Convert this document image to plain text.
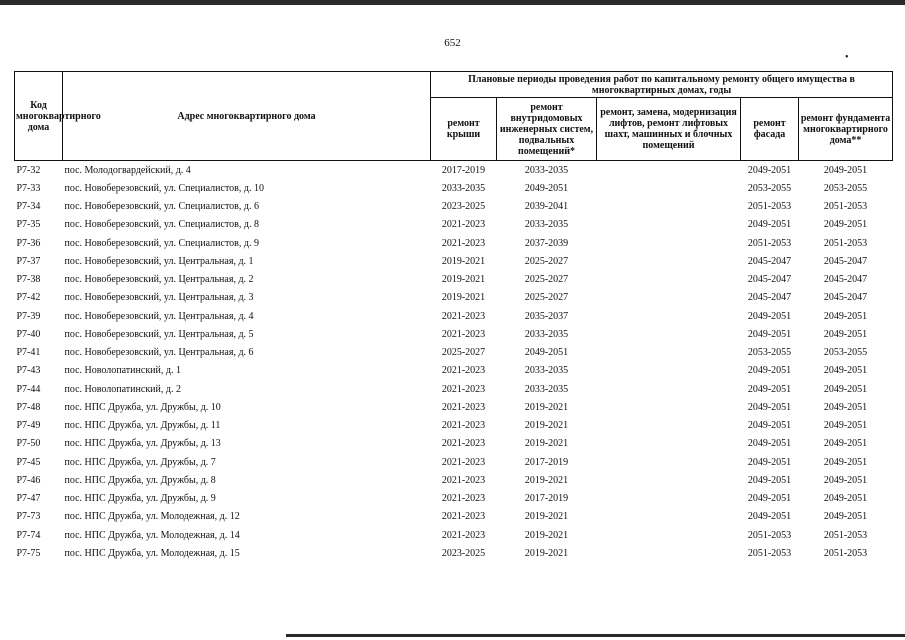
652
•
Код многоквартирного дома	Адрес многоквартирного дома	Плановые периоды проведения работ по капитальному ремонту общего имущества в многоквартирных домах, годы				
		ремонт крыши	ремонт внутридомовых инженерных систем, подвальных помещений*	ремонт, замена, модернизация лифтов, ремонт лифтовых шахт, машинных и блочных помещений	ремонт фасада	ремонт фундамента многоквартирного дома**
Р7-32	пос. Молодогвардейский, д. 4	2017-2019	2033-2035		2049-2051	2049-2051
Р7-33	пос. Новоберезовский, ул. Специалистов, д. 10	2033-2035	2049-2051		2053-2055	2053-2055
Р7-34	пос. Новоберезовский, ул. Специалистов, д. 6	2023-2025	2039-2041		2051-2053	2051-2053
Р7-35	пос. Новоберезовский, ул. Специалистов, д. 8	2021-2023	2033-2035		2049-2051	2049-2051
Р7-36	пос. Новоберезовский, ул. Специалистов, д. 9	2021-2023	2037-2039		2051-2053	2051-2053
Р7-37	пос. Новоберезовский, ул. Центральная, д. 1	2019-2021	2025-2027		2045-2047	2045-2047
Р7-38	пос. Новоберезовский, ул. Центральная, д. 2	2019-2021	2025-2027		2045-2047	2045-2047
Р7-42	пос. Новоберезовский, ул. Центральная, д. 3	2019-2021	2025-2027		2045-2047	2045-2047
Р7-39	пос. Новоберезовский, ул. Центральная, д. 4	2021-2023	2035-2037		2049-2051	2049-2051
Р7-40	пос. Новоберезовский, ул. Центральная, д. 5	2021-2023	2033-2035		2049-2051	2049-2051
Р7-41	пос. Новоберезовский, ул. Центральная, д. 6	2025-2027	2049-2051		2053-2055	2053-2055
Р7-43	пос. Новолопатинский, д. 1	2021-2023	2033-2035		2049-2051	2049-2051
Р7-44	пос. Новолопатинский, д. 2	2021-2023	2033-2035		2049-2051	2049-2051
Р7-48	пос. НПС Дружба, ул. Дружбы, д. 10	2021-2023	2019-2021		2049-2051	2049-2051
Р7-49	пос. НПС Дружба, ул. Дружбы, д. 11	2021-2023	2019-2021		2049-2051	2049-2051
Р7-50	пос. НПС Дружба, ул. Дружбы, д. 13	2021-2023	2019-2021		2049-2051	2049-2051
Р7-45	пос. НПС Дружба, ул. Дружбы, д. 7	2021-2023	2017-2019		2049-2051	2049-2051
Р7-46	пос. НПС Дружба, ул. Дружбы, д. 8	2021-2023	2019-2021		2049-2051	2049-2051
Р7-47	пос. НПС Дружба, ул. Дружбы, д. 9	2021-2023	2017-2019		2049-2051	2049-2051
Р7-73	пос. НПС Дружба, ул. Молодежная, д. 12	2021-2023	2019-2021		2049-2051	2049-2051
Р7-74	пос. НПС Дружба, ул. Молодежная, д. 14	2021-2023	2019-2021		2051-2053	2051-2053
Р7-75	пос. НПС Дружба, ул. Молодежная, д. 15	2023-2025	2019-2021		2051-2053	2051-2053
